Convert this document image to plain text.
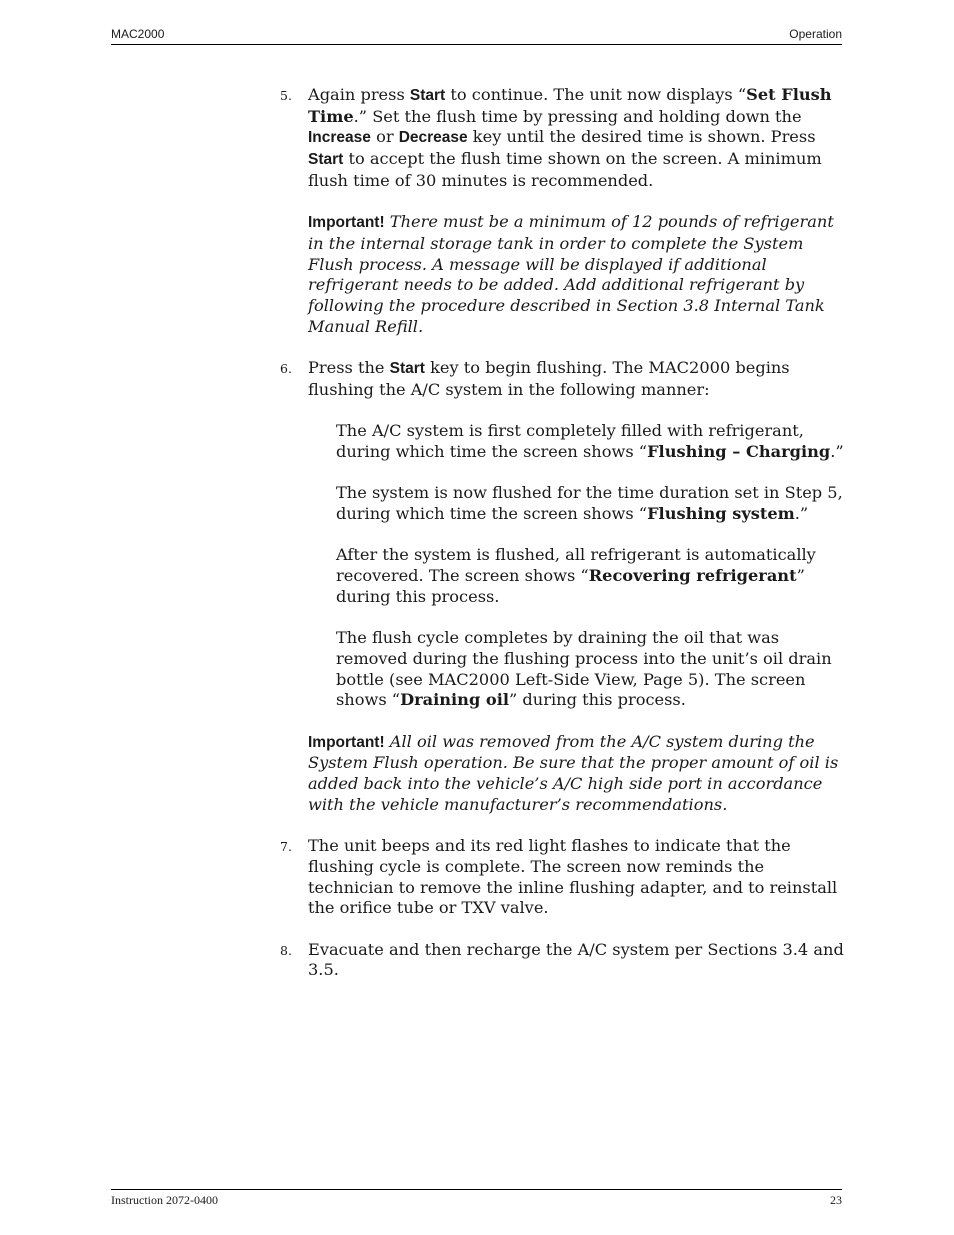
MAC2000	Operation
5. Again press Start to continue. The unit now displays “Set Flush Time.” Set the flush time by pressing and holding down the Increase or Decrease key until the desired time is shown. Press Start to accept the flush time shown on the screen. A minimum flush time of 30 minutes is recommended.

Important! There must be a minimum of 12 pounds of refrigerant in the internal storage tank in order to complete the System Flush process. A message will be displayed if additional refrigerant needs to be added. Add additional refrigerant by following the procedure described in Section 3.8 Internal Tank Manual Refill.

6. Press the Start key to begin flushing. The MAC2000 begins flushing the A/C system in the following manner:

The A/C system is first completely filled with refrigerant, during which time the screen shows “Flushing – Charging.”

The system is now flushed for the time duration set in Step 5, during which time the screen shows “Flushing system.”

After the system is flushed, all refrigerant is automatically recovered. The screen shows “Recovering refrigerant” during this process.

The flush cycle completes by draining the oil that was removed during the flushing process into the unit’s oil drain bottle (see MAC2000 Left-Side View, Page 5). The screen shows “Draining oil” during this process.

Important! All oil was removed from the A/C system during the System Flush operation. Be sure that the proper amount of oil is added back into the vehicle’s A/C high side port in accordance with the vehicle manufacturer’s recommendations.

7. The unit beeps and its red light flashes to indicate that the flushing cycle is complete. The screen now reminds the technician to remove the inline flushing adapter, and to reinstall the orifice tube or TXV valve.

8. Evacuate and then recharge the A/C system per Sections 3.4 and 3.5.

Instruction 2072-0400	23
